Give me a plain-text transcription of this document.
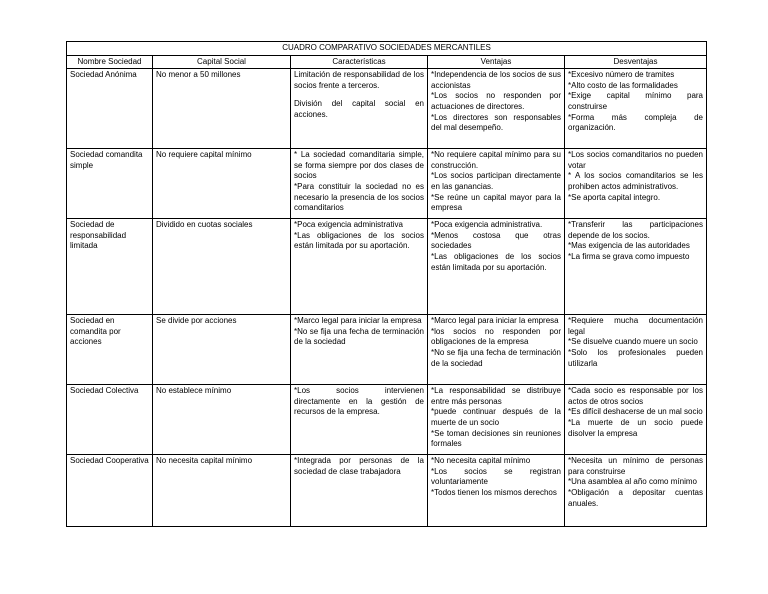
CUADRO COMPARATIVO SOCIEDADES MERCANTILES				
Nombre Sociedad	Capital Social	Características	Ventajas	Desventajas
Sociedad Anónima	No menor a 50 millones	Limitación de responsabilidad de los socios frente a terceros.
División del capital social en acciones.	*Independencia de los socios de sus accionistas
*Los socios no responden por actuaciones de directores.
*Los directores son responsables del mal desempeño.	*Excesivo número de tramites
*Alto costo de las formalidades
*Exige capital mínimo para construirse
*Forma más compleja de organización.

Sociedad comandita simple	No requiere capital mínimo	* La sociedad comanditaria simple, se forma siempre por dos clases de socios
*Para constituir la sociedad no es necesario la presencia de los socios comanditarios	*No requiere capital mínimo para su construcción.
*Los socios participan directamente en las ganancias.
*Se reúne un capital mayor para la empresa	*Los socios comanditarios no pueden votar
* A los socios comanditarios se les prohiben actos administrativos.
*Se aporta capital integro.

Sociedad de responsabilidad limitada	Dividido en cuotas sociales	*Poca exigencia administrativa
*Las obligaciones de los socios están limitada por su aportación.	*Poca exigencia administrativa.
*Menos costosa que otras sociedades
*Las obligaciones de los socios están limitada por su aportación.	*Transferir las participaciones depende de los socios.
*Mas exigencia de las autoridades
*La firma se grava como impuesto

Sociedad en comandita por acciones	Se divide por acciones	*Marco legal para iniciar la empresa
*No se fija una fecha de terminación de la sociedad	*Marco legal para iniciar la empresa
*los socios no responden por obligaciones de la empresa
*No se fija una fecha de terminación de la sociedad	*Requiere mucha documentación legal
*Se disuelve cuando muere un socio
*Solo los profesionales pueden utilizarla

Sociedad Colectiva	No establece mínimo	*Los socios intervienen directamente en la gestión de recursos de la empresa.	*La responsabilidad se distribuye entre más personas
*puede continuar después de la muerte de un socio
*Se toman decisiones sin reuniones formales	*Cada socio es responsable por los actos de otros socios
*Es difícil deshacerse de un mal socio
*La muerte de un socio puede disolver la empresa

Sociedad Cooperativa	No necesita capital mínimo	*Integrada por personas de la sociedad de clase trabajadora	*No necesita capital mínimo
*Los socios se registran voluntariamente
*Todos tienen los mismos derechos	*Necesita un mínimo de personas para construirse
*Una asamblea al año como mínimo
*Obligación a depositar cuentas anuales.
